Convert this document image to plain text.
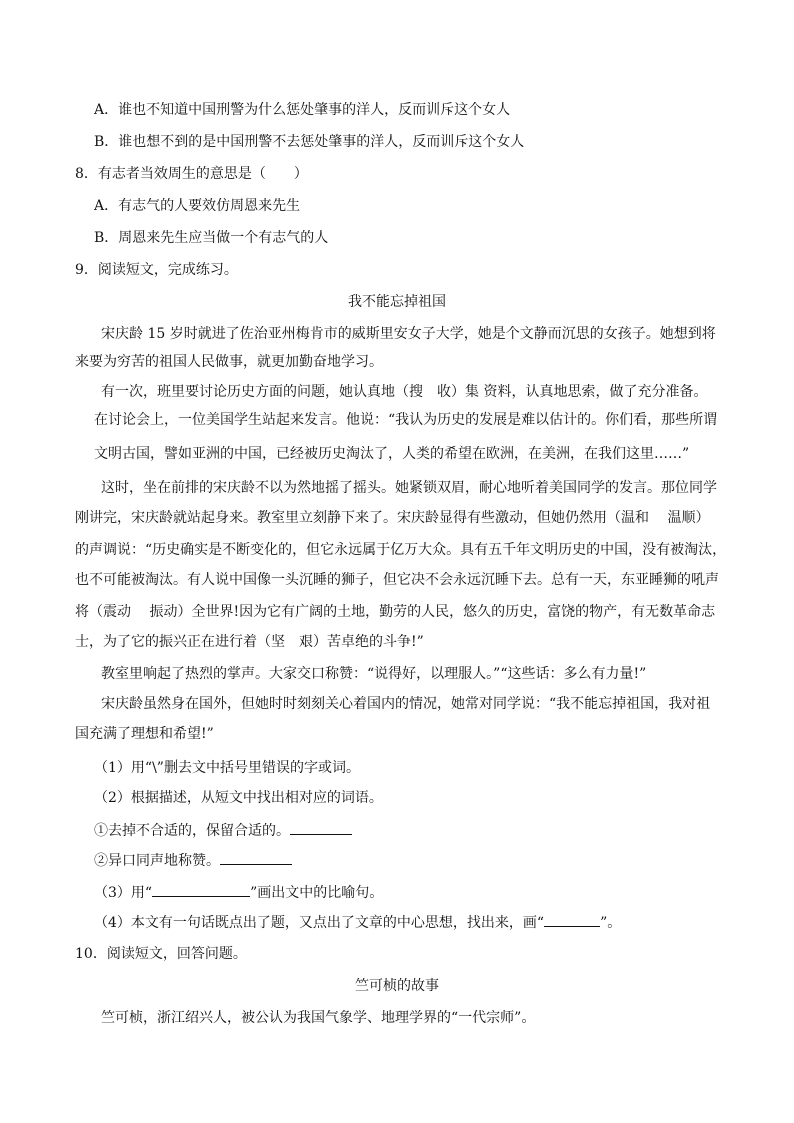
A．谁也不知道中国刑警为什么惩处肇事的洋人，反而训斥这个女人
B．谁也想不到的是中国刑警不去惩处肇事的洋人，反而训斥这个女人
8．有志者当效周生的意思是（　　）
A．有志气的人要效仿周恩来先生
B．周恩来先生应当做一个有志气的人
9．阅读短文，完成练习。
我不能忘掉祖国
宋庆龄 15 岁时就进了佐治亚州梅肯市的威斯里安女子大学，她是个文静而沉思的女孩子。她想到将
来要为穷苦的祖国人民做事，就更加勤奋地学习。
有一次，班里要讨论历史方面的问题，她认真地（搜　收）集 资料，认真地思索，做了充分准备。
在讨论会上，一位美国学生站起来发言。他说：“我认为历史的发展是难以估计的。你们看，那些所谓
文明古国，譬如亚洲的中国，已经被历史淘汰了，人类的希望在欧洲，在美洲，在我们这里……”
这时，坐在前排的宋庆龄不以为然地摇了摇头。她紧锁双眉，耐心地听着美国同学的发言。那位同学
刚讲完，宋庆龄就站起身来。教室里立刻静下来了。宋庆龄显得有些激动，但她仍然用（温和　 温顺）
的声调说：“历史确实是不断变化的，但它永远属于亿万大众。具有五千年文明历史的中国，没有被淘汰，
也不可能被淘汰。有人说中国像一头沉睡的狮子，但它决不会永远沉睡下去。总有一天，东亚睡狮的吼声
将（震动　 振动）全世界!因为它有广阔的土地，勤劳的人民，悠久的历史，富饶的物产，有无数革命志
士，为了它的振兴正在进行着（坚　艰）苦卓绝的斗争!”
教室里响起了热烈的掌声。大家交口称赞：“说得好，以理服人。”“这些话：多么有力量!”
宋庆龄虽然身在国外，但她时时刻刻关心着国内的情况，她常对同学说：“我不能忘掉祖国，我对祖
国充满了理想和希望!”
（1）用“\”删去文中括号里错误的字或词。
（2）根据描述，从短文中找出相对应的词语。
①去掉不合适的，保留合适的。
②异口同声地称赞。
（3）用“	”画出文中的比喻句。
（4）本文有一句话既点出了题，又点出了文章的中心思想，找出来，画“	”。
10．阅读短文，回答问题。
竺可桢的故事
竺可桢，浙江绍兴人，被公认为我国气象学、地理学界的“一代宗师”。
